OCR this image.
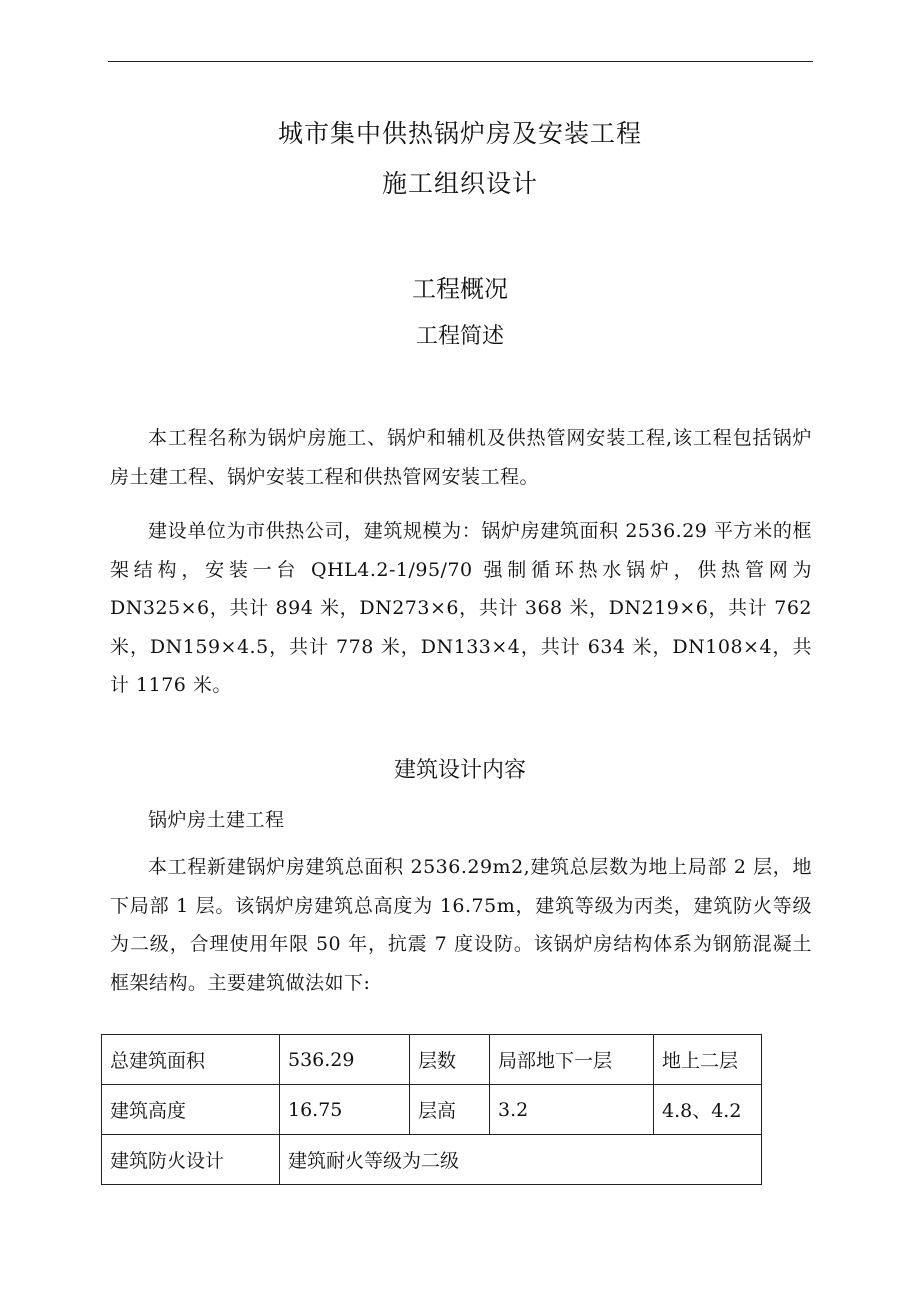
城市集中供热锅炉房及安装工程
施工组织设计
工程概况
工程简述

本工程名称为锅炉房施工、锅炉和辅机及供热管网安装工程,该工程包括锅炉房土建工程、锅炉安装工程和供热管网安装工程。

建设单位为市供热公司，建筑规模为：锅炉房建筑面积 2536.29 平方米的框架结构，安装一台 QHL4.2-1/95/70 强制循环热水锅炉，供热管网为 DN325×6，共计 894 米，DN273×6，共计 368 米，DN219×6，共计 762 米，DN159×4.5，共计 778 米，DN133×4，共计 634 米，DN108×4，共计 1176 米。

建筑设计内容

锅炉房土建工程

本工程新建锅炉房建筑总面积 2536.29m2,建筑总层数为地上局部 2 层，地下局部 1 层。该锅炉房建筑总高度为 16.75m，建筑等级为丙类，建筑防火等级为二级，合理使用年限 50 年，抗震 7 度设防。该锅炉房结构体系为钢筋混凝土框架结构。主要建筑做法如下:

总建筑面积	536.29	层数	局部地下一层	地上二层
建筑高度	16.75	层高	3.2	4.8、4.2
建筑防火设计	建筑耐火等级为二级			
